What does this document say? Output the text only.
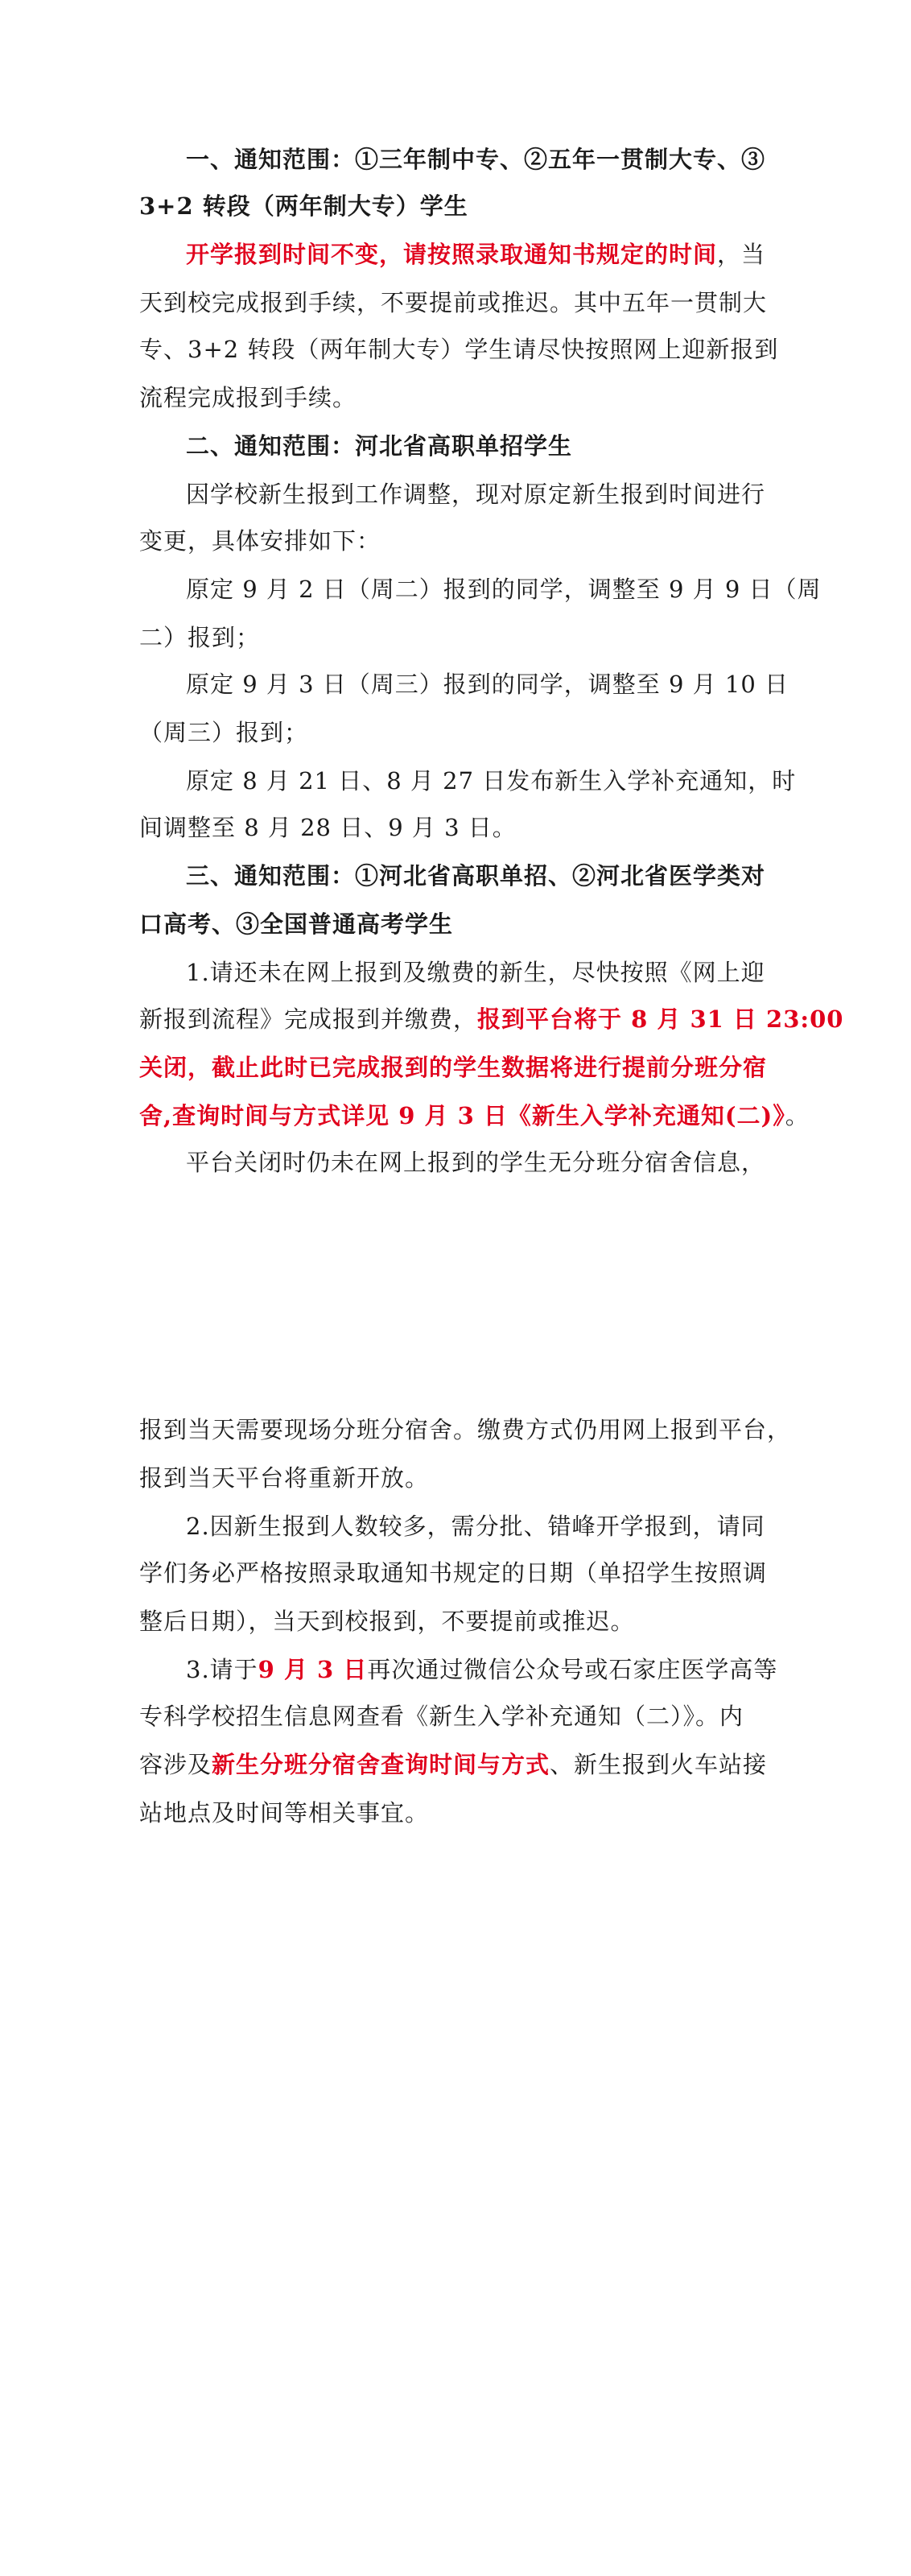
一、通知范围：①三年制中专、②五年一贯制大专、③
3+2 转段（两年制大专）学生
开学报到时间不变，请按照录取通知书规定的时间，当
天到校完成报到手续，不要提前或推迟。其中五年一贯制大
专、3+2 转段（两年制大专）学生请尽快按照网上迎新报到
流程完成报到手续。
二、通知范围：河北省高职单招学生
因学校新生报到工作调整，现对原定新生报到时间进行
变更，具体安排如下：
原定 9 月 2 日（周二）报到的同学，调整至 9 月 9 日（周
二）报到；
原定 9 月 3 日（周三）报到的同学，调整至 9 月 10 日
（周三）报到；
原定 8 月 21 日、8 月 27 日发布新生入学补充通知，时
间调整至 8 月 28 日、9 月 3 日。
三、通知范围：①河北省高职单招、②河北省医学类对
口高考、③全国普通高考学生
1.请还未在网上报到及缴费的新生，尽快按照《网上迎
新报到流程》完成报到并缴费，报到平台将于 8 月 31 日 23:00
关闭，截止此时已完成报到的学生数据将进行提前分班分宿
舍,查询时间与方式详见 9 月 3 日《新生入学补充通知(二)》。
平台关闭时仍未在网上报到的学生无分班分宿舍信息，
报到当天需要现场分班分宿舍。缴费方式仍用网上报到平台，
报到当天平台将重新开放。
2.因新生报到人数较多，需分批、错峰开学报到，请同
学们务必严格按照录取通知书规定的日期（单招学生按照调
整后日期），当天到校报到，不要提前或推迟。
3.请于9 月 3 日再次通过微信公众号或石家庄医学高等
专科学校招生信息网查看《新生入学补充通知（二）》。内
容涉及新生分班分宿舍查询时间与方式、新生报到火车站接
站地点及时间等相关事宜。
